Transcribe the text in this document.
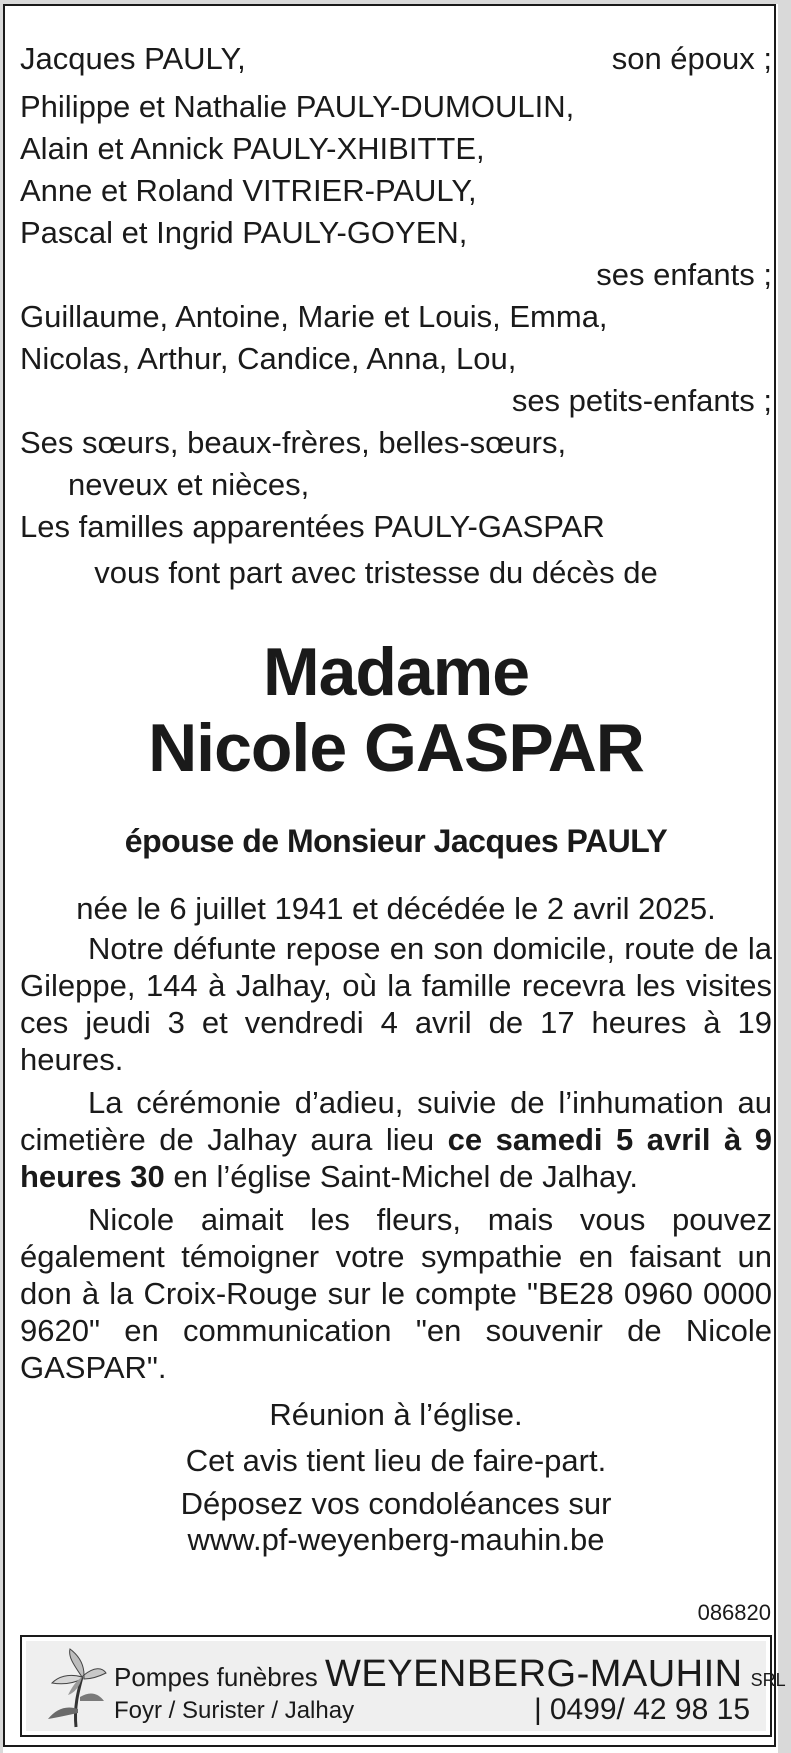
Jacques PAULY,	son époux ;
Philippe et Nathalie PAULY-DUMOULIN,
Alain et Annick PAULY-XHIBITTE,
Anne et Roland VITRIER-PAULY,
Pascal et Ingrid PAULY-GOYEN,
ses enfants ;
Guillaume, Antoine, Marie et Louis, Emma,
Nicolas, Arthur, Candice, Anna, Lou,
ses petits-enfants ;
Ses sœurs, beaux-frères, belles-sœurs,
neveux et nièces,
Les familles apparentées PAULY-GASPAR
vous font part avec tristesse du décès de
Madame
Nicole GASPAR
épouse de Monsieur Jacques PAULY
née le 6 juillet 1941 et décédée le 2 avril 2025.

Notre défunte repose en son domicile, route de la Gileppe, 144 à Jalhay, où la famille recevra les visites ces jeudi 3 et vendredi 4 avril de 17 heures à 19 heures.

La cérémonie d’adieu, suivie de l’inhumation au cimetière de Jalhay aura lieu ce samedi 5 avril à 9 heures 30 en l’église Saint-Michel de Jalhay.

Nicole aimait les fleurs, mais vous pouvez également témoigner votre sympathie en faisant un don à la Croix-Rouge sur le compte "BE28 0960 0000 9620" en communication "en souvenir de Nicole GASPAR".

Réunion à l’église.
Cet avis tient lieu de faire-part.
Déposez vos condoléances sur
www.pf-weyenberg-mauhin.be
086820
Pompes funèbres WEYENBERG-MAUHIN SRL
Foyr / Surister / Jalhay	| 0499/ 42 98 15
